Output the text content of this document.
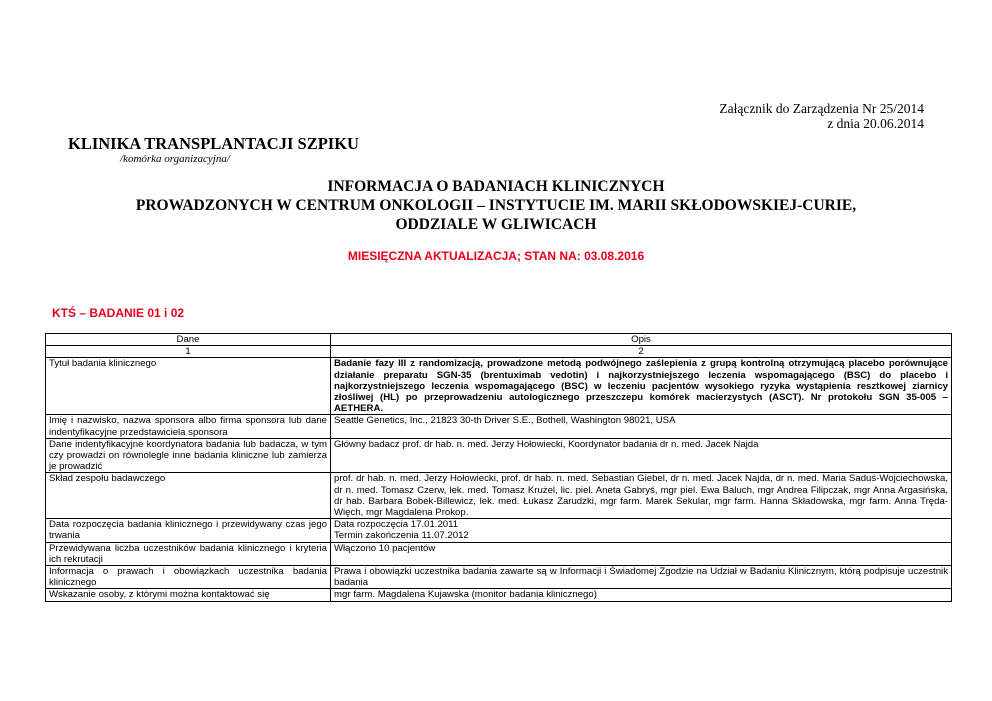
Załącznik do Zarządzenia Nr 25/2014
z dnia 20.06.2014
KLINIKA TRANSPLANTACJI SZPIKU
/komórka organizacyjna/
INFORMACJA O BADANIACH KLINICZNYCH
PROWADZONYCH W CENTRUM ONKOLOGII – INSTYTUCIE IM. MARII SKŁODOWSKIEJ-CURIE,
ODDZIALE W GLIWICACH
MIESIĘCZNA AKTUALIZACJA; STAN NA: 03.08.2016
KTŚ – BADANIE 01 i 02
Dane	Opis
1	2
Tytuł badania klinicznego	Badanie fazy III z randomizacją, prowadzone metodą podwójnego zaślepienia z grupą kontrolną otrzymującą placebo porównujące działanie preparatu SGN-35 (brentuximab vedotin) i najkorzystniejszego leczenia wspomagającego (BSC) do placebo i najkorzystniejszego leczenia wspomagającego (BSC) w leczeniu pacjentów wysokiego ryzyka wystąpienia resztkowej ziarnicy złośliwej (HL) po przeprowadzeniu autologicznego przeszczepu komórek macierzystych (ASCT). Nr protokołu SGN 35-005 – AETHERA.
Imię i nazwisko, nazwa sponsora albo firma sponsora lub dane indentyfikacyjne przedstawiciela sponsora	Seattle Genetics, Inc., 21823 30-th Driver S.E., Bothell, Washington 98021, USA
Dane indentyfikacyjne koordynatora badania lub badacza, w tym czy prowadzi on równolegle inne badania kliniczne lub zamierza je prowadzić	Główny badacz prof. dr hab. n. med. Jerzy Hołowiecki, Koordynator badania dr n. med. Jacek Najda
Skład zespołu badawczego	prof. dr hab. n. med. Jerzy Hołowiecki, prof. dr hab. n. med. Sebastian Giebel, dr n. med. Jacek Najda, dr n. med. Maria Saduś-Wojciechowska, dr n. med. Tomasz Czerw, lek. med. Tomasz Krużel, lic. piel. Aneta Gabryś, mgr piel. Ewa Baluch, mgr Andrea Filipczak, mgr Anna Argasińska, dr hab. Barbara Bobek-Billewicz, lek. med. Łukasz Zarudzki, mgr farm. Marek Sekular, mgr farm. Hanna Składowska, mgr farm. Anna Tręda-Więch, mgr Magdalena Prokop.
Data rozpoczęcia badania klinicznego i przewidywany czas jego trwania	Data rozpoczęcia 17.01.2011
Termin zakończenia 11.07.2012

Przewidywana liczba uczestników badania klinicznego i kryteria ich rekrutacji	Włączono 10 pacjentów
Informacja o prawach i obowiązkach uczestnika badania klinicznego	Prawa i obowiązki uczestnika badania zawarte są w Informacji i Świadomej Zgodzie na Udział w Badaniu Klinicznym, którą podpisuje uczestnik badania
Wskazanie osoby, z którymi można kontaktować się	mgr farm. Magdalena Kujawska (monitor badania klinicznego)
